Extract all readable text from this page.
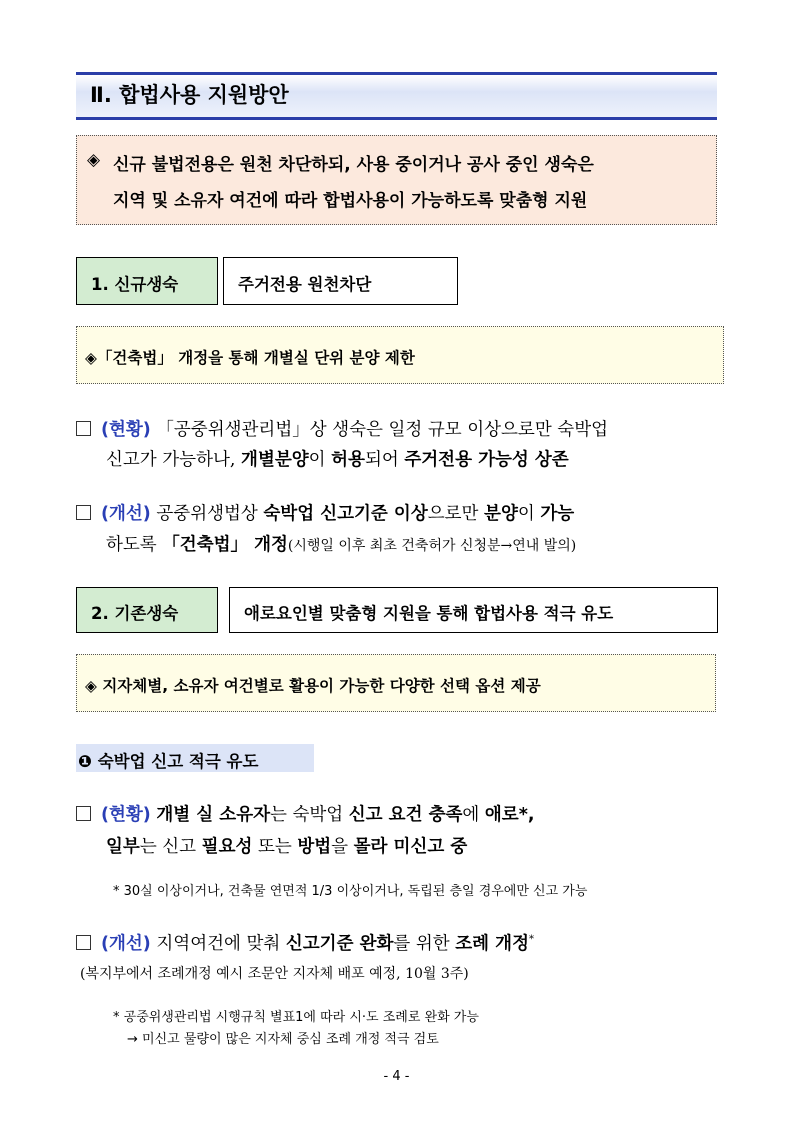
Ⅱ. 합법사용 지원방안
◈ 신규 불법전용은 원천 차단하되, 사용 중이거나 공사 중인 생숙은
지역 및 소유자 여건에 따라 합법사용이 가능하도록 맞춤형 지원
1. 신규생숙	주거전용 원천차단
◈「건축법」 개정을 통해 개별실 단위 분양 제한
(현황) 「공중위생관리법」상 생숙은 일정 규모 이상으로만 숙박업
신고가 가능하나, 개별분양이 허용되어 주거전용 가능성 상존
(개선) 공중위생법상 숙박업 신고기준 이상으로만 분양이 가능
하도록 「건축법」 개정(시행일 이후 최초 건축허가 신청분→연내 발의)
2. 기존생숙	애로요인별 맞춤형 지원을 통해 합법사용 적극 유도
◈ 지자체별, 소유자 여건별로 활용이 가능한 다양한 선택 옵션 제공
❶ 숙박업 신고 적극 유도
(현황) 개별 실 소유자는 숙박업 신고 요건 충족에 애로*,
일부는 신고 필요성 또는 방법을 몰라 미신고 중
* 30실 이상이거나, 건축물 연면적 1/3 이상이거나, 독립된 층일 경우에만 신고 가능
(개선) 지역여건에 맞춰 신고기준 완화를 위한 조례 개정*
(복지부에서 조례개정 예시 조문안 지자체 배포 예정, 10월 3주)
* 공중위생관리법 시행규칙 별표1에 따라 시·도 조례로 완화 가능
→ 미신고 물량이 많은 지자체 중심 조례 개정 적극 검토
- 4 -
